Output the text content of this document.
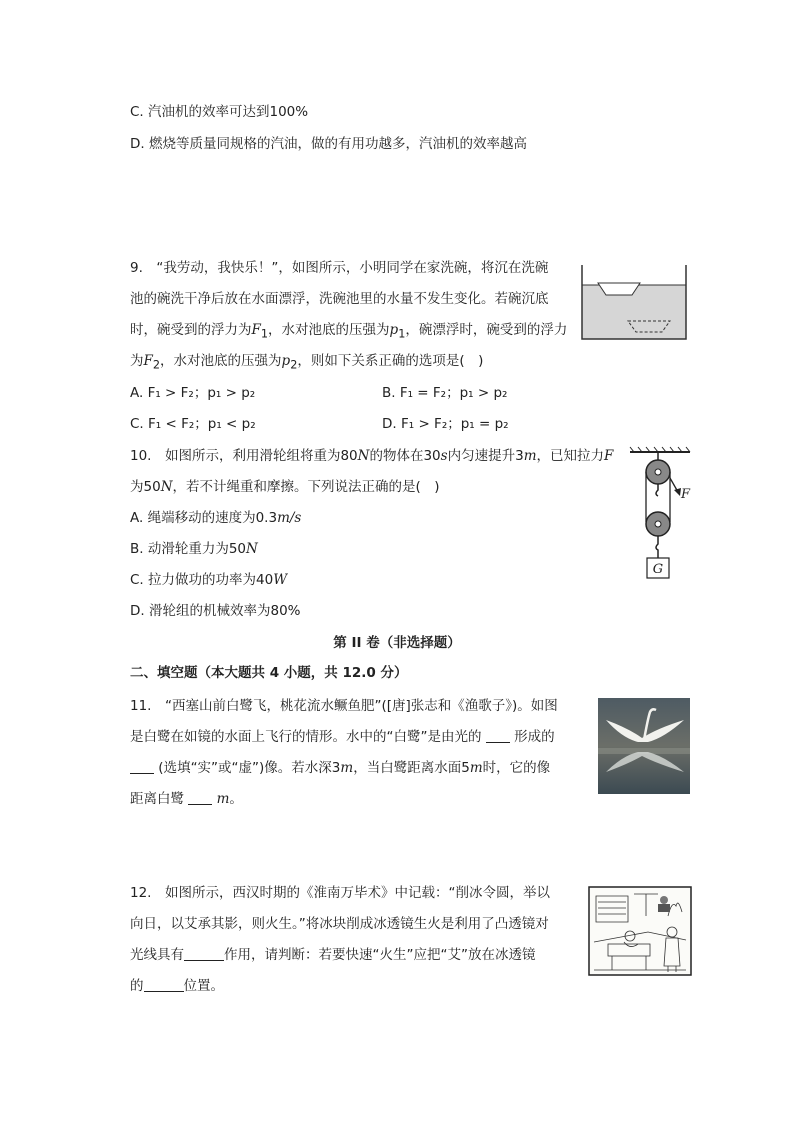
C. 汽油机的效率可达到100%
D. 燃烧等质量同规格的汽油，做的有用功越多，汽油机的效率越高
9.　“我劳动，我快乐！”，如图所示，小明同学在家洗碗，将沉在洗碗
池的碗洗干净后放在水面漂浮，洗碗池里的水量不发生变化。若碗沉底
时，碗受到的浮力为$F_1$，水对池底的压强为$p_1$，碗漂浮时，碗受到的浮力
为$F_2$，水对池底的压强为$p_2$，则如下关系正确的选项是(　)
A. F₁ > F₂；p₁ > p₂	B. F₁ = F₂；p₁ > p₂
C. F₁ < F₂；p₁ < p₂	D. F₁ > F₂；p₁ = p₂
10.　如图所示，利用滑轮组将重为80N的物体在30s内匀速提升3m，已知拉力F
为50N，若不计绳重和摩擦。下列说法正确的是(　)
A. 绳端移动的速度为0.3m/s
B. 动滑轮重力为50N
C. 拉力做功的功率为40W
D. 滑轮组的机械效率为80%
F
G
第 II 卷（非选择题）
二、填空题（本大题共 4 小题，共 12.0 分）
11.　“西塞山前白鹭飞，桃花流水鳜鱼肥”([唐]张志和《渔歌子》)。如图
是白鹭在如镜的水面上飞行的情形。水中的“白鹭”是由光的 形成的
(选填“实”或“虚”)像。若水深3m，当白鹭距离水面5m时，它的像
距离白鹭 m。
12.　如图所示，西汉时期的《淮南万毕术》中记载：“削冰令圆，举以
向日，以艾承其影，则火生。”将冰块削成冰透镜生火是利用了凸透镜对
光线具有	作用，请判断：若要快速“火生”应把“艾”放在冰透镜
的	位置。
